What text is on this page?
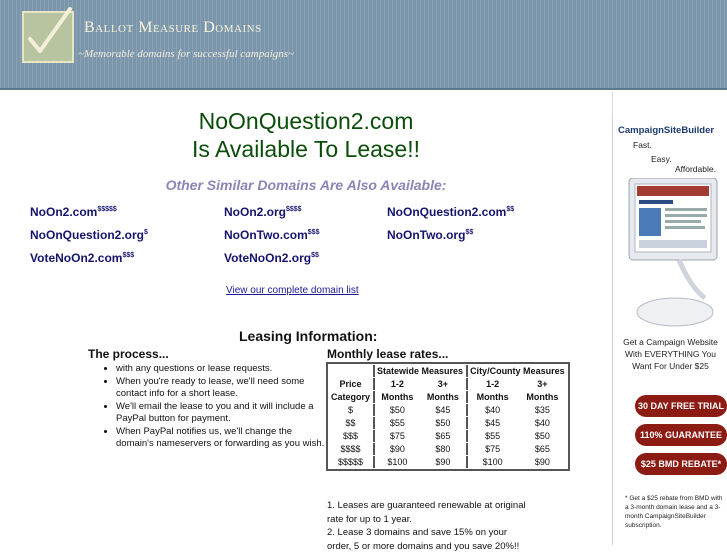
Ballot Measure Domains
~Memorable domains for successful campaigns~
NoOnQuestion2.com
Is Available To Lease!!
Other Similar Domains Are Also Available:
NoOn2.com$$$$$	NoOn2.org$$$$	NoOnQuestion2.com$$
NoOnQuestion2.org$	NoOnTwo.com$$$	NoOnTwo.org$$
VoteNoOn2.com$$$	VoteNoOn2.org$$
View our complete domain list
Leasing Information:
The process...
• with any questions or lease requests.
• When you're ready to lease, we'll need some contact info for a short lease.
• We'll email the lease to you and it will include a PayPal button for payment.
• When PayPal notifies us, we'll change the domain's nameservers or forwarding as you wish.
Monthly lease rates...
	Statewide Measures		City/County Measures	
Price	1-2	3+	1-2	3+
Category	Months	Months	Months	Months
$	$50	$45	$40	$35
$$	$55	$50	$45	$40
$$$	$75	$65	$55	$50
$$$$	$90	$80	$75	$65
$$$$$	$100	$90	$100	$90
1. Leases are guaranteed renewable at original rate for up to 1 year.
2. Lease 3 domains and save 15% on your order, 5 or more domains and you save 20%!!
CampaignSiteBuilder
Fast.
Easy.
Affordable.
Get a Campaign Website
With EVERYTHING You
Want For Under $25
30 DAY FREE TRIAL
110% GUARANTEE
$25 BMD REBATE*
* Get a $25 rebate from BMD with a 3-month domain lease and a 3-month CampaignSiteBuilder subscription.
